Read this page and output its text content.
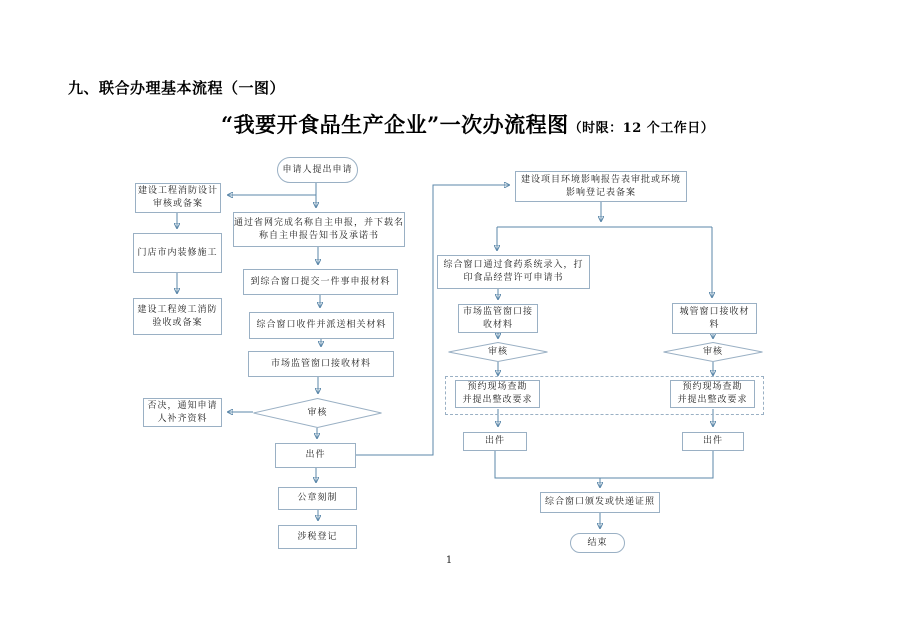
九、联合办理基本流程（一图）
“我要开食品生产企业”一次办流程图（时限：12 个工作日）
申请人提出申请
建设工程消防设计
审核或备案
门店市内装修施工
建设工程竣工消防
验收或备案
否决，通知申请
人补齐资料
通过省网完成名称自主申报，并下载名
称自主申报告知书及承诺书
到综合窗口提交一件事申报材料
综合窗口收件并派送相关材料
市场监管窗口接收材料
审核
出件
公章刻制
涉税登记
建设项目环境影响报告表审批或环境
影响登记表备案
综合窗口通过食药系统录入，打
印食品经营许可申请书
市场监管窗口接
收材料
审核
预约现场查勘
并提出整改要求
出件
城管窗口接收材
料
审核
预约现场查勘
并提出整改要求
出件
综合窗口颁发或快递证照
结束
1
